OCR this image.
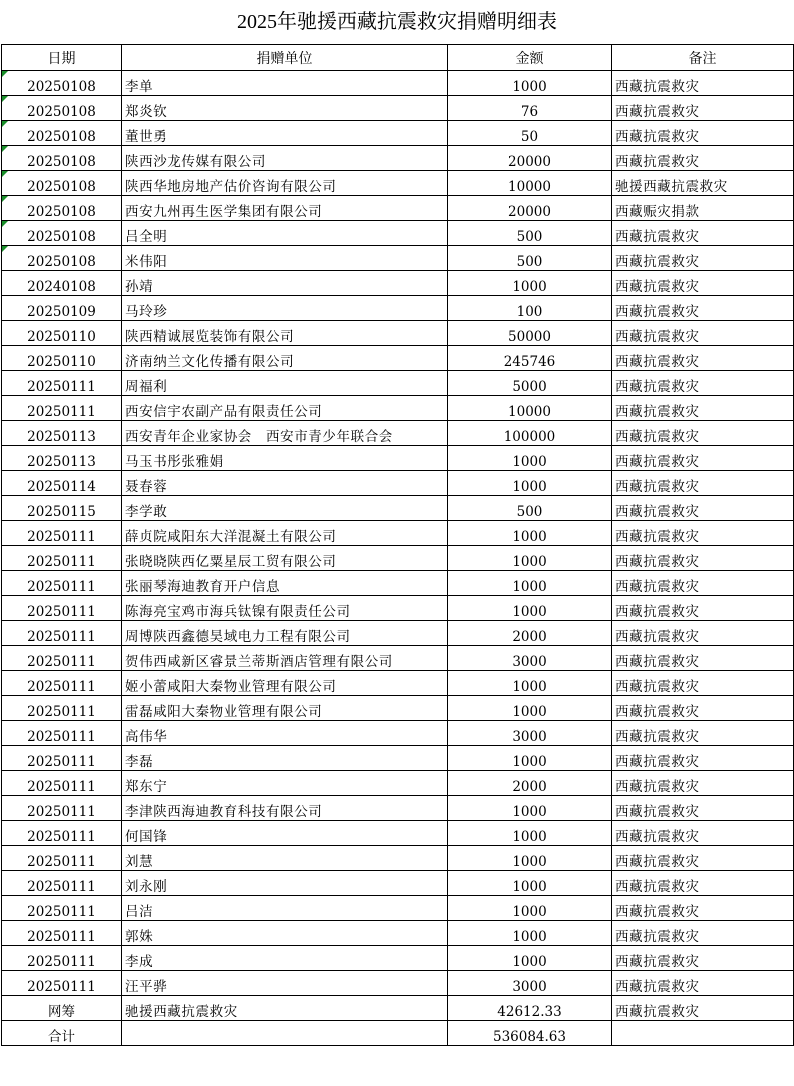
2025年驰援西藏抗震救灾捐赠明细表
日期	捐赠单位	金额	备注
20250108	李单	1000	西藏抗震救灾
20250108	郑炎钦	76	西藏抗震救灾
20250108	董世勇	50	西藏抗震救灾
20250108	陕西沙龙传媒有限公司	20000	西藏抗震救灾
20250108	陕西华地房地产估价咨询有限公司	10000	驰援西藏抗震救灾
20250108	西安九州再生医学集团有限公司	20000	西藏赈灾捐款
20250108	吕全明	500	西藏抗震救灾
20250108	米伟阳	500	西藏抗震救灾
20240108	孙靖	1000	西藏抗震救灾
20250109	马玲珍	100	西藏抗震救灾
20250110	陕西精诚展览装饰有限公司	50000	西藏抗震救灾
20250110	济南纳兰文化传播有限公司	245746	西藏抗震救灾
20250111	周福利	5000	西藏抗震救灾
20250111	西安信宇农副产品有限责任公司	10000	西藏抗震救灾
20250113	西安青年企业家协会　西安市青少年联合会	100000	西藏抗震救灾
20250113	马玉书彤张雅娟	1000	西藏抗震救灾
20250114	聂春蓉	1000	西藏抗震救灾
20250115	李学敢	500	西藏抗震救灾
20250111	薛贞院咸阳东大洋混凝土有限公司	1000	西藏抗震救灾
20250111	张晓晓陕西亿粟星辰工贸有限公司	1000	西藏抗震救灾
20250111	张丽琴海迪教育开户信息	1000	西藏抗震救灾
20250111	陈海亮宝鸡市海兵钛镍有限责任公司	1000	西藏抗震救灾
20250111	周博陕西鑫德昊域电力工程有限公司	2000	西藏抗震救灾
20250111	贺伟西咸新区睿景兰蒂斯酒店管理有限公司	3000	西藏抗震救灾
20250111	姬小蕾咸阳大秦物业管理有限公司	1000	西藏抗震救灾
20250111	雷磊咸阳大秦物业管理有限公司	1000	西藏抗震救灾
20250111	高伟华	3000	西藏抗震救灾
20250111	李磊	1000	西藏抗震救灾
20250111	郑东宁	2000	西藏抗震救灾
20250111	李津陕西海迪教育科技有限公司	1000	西藏抗震救灾
20250111	何国锋	1000	西藏抗震救灾
20250111	刘慧	1000	西藏抗震救灾
20250111	刘永刚	1000	西藏抗震救灾
20250111	吕洁	1000	西藏抗震救灾
20250111	郭姝	1000	西藏抗震救灾
20250111	李成	1000	西藏抗震救灾
20250111	汪平骅	3000	西藏抗震救灾
网筹	驰援西藏抗震救灾	42612.33	西藏抗震救灾
合计		536084.63	
